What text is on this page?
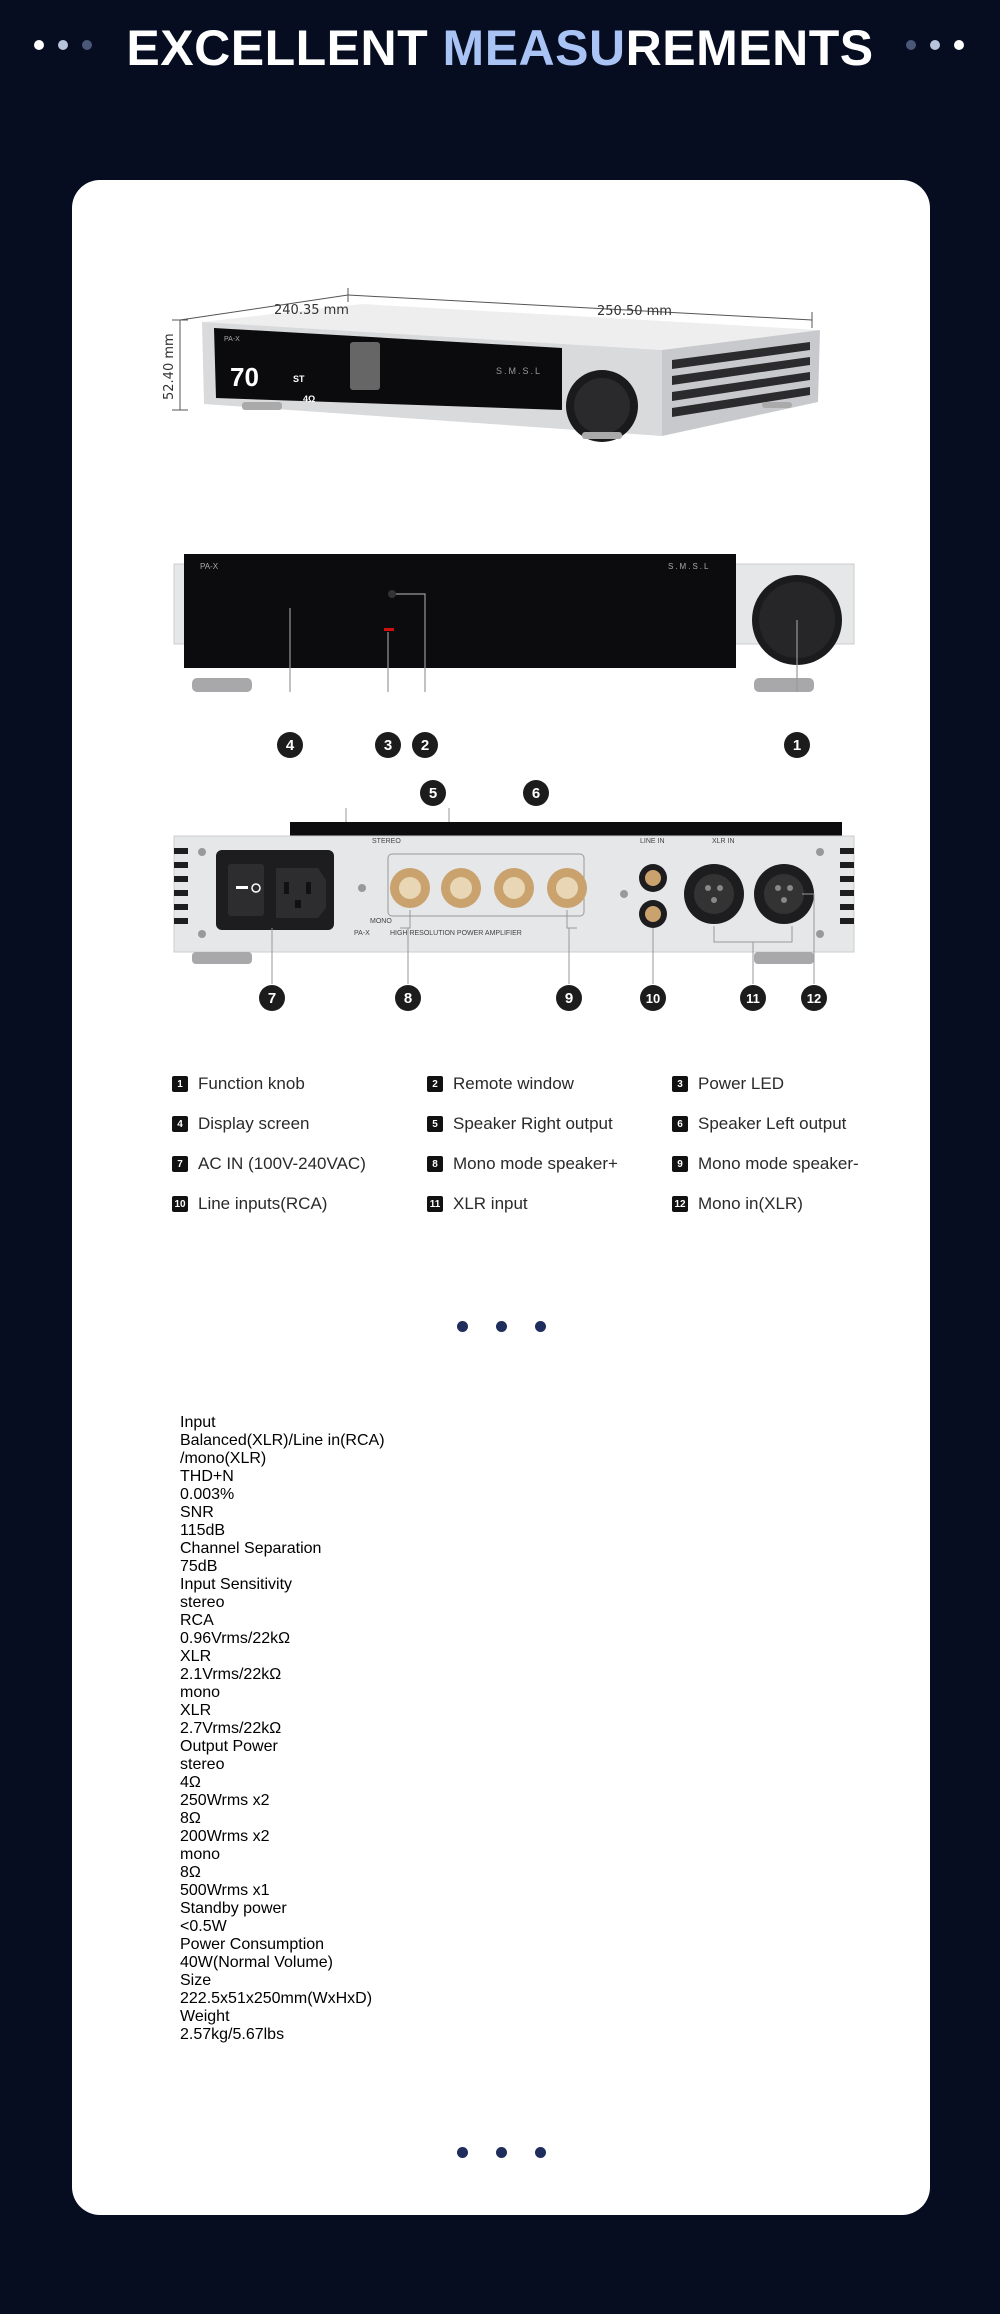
EXCELLENT MEASUREMENTS
240.35 mm	250.50 mm
52.40 mm 70	ST
4Ω
S.M.S.L
PA-X
PA-X	S.M.S.L
4	3	2	1
5	6
STEREO
MONO
LINE IN	XLR IN
HIGH RESOLUTION POWER AMPLIFIER
PA-X
7	8	9	10	11	12
1 Function knob	2 Remote window	3 Power LED
4 Display screen	5 Speaker Right output	6 Speaker Left output
7 AC IN (100V-240VAC)	8 Mono mode speaker+	9 Mono mode speaker-
10 Line inputs(RCA)	11 XLR input	12 Mono in(XLR)
Input
Balanced(XLR)/Line in(RCA)
/mono(XLR)
THD+N
0.003%
SNR
115dB
Channel Separation
75dB
Input Sensitivity
stereo
RCA
0.96Vrms/22kΩ
XLR
2.1Vrms/22kΩ
mono
XLR
2.7Vrms/22kΩ
Output Power
stereo
4Ω
250Wrms x2
8Ω
200Wrms x2
mono
8Ω
500Wrms x1
Standby power
<0.5W
Power Consumption
40W(Normal Volume)
Size
222.5x51x250mm(WxHxD)
Weight
2.57kg/5.67lbs
